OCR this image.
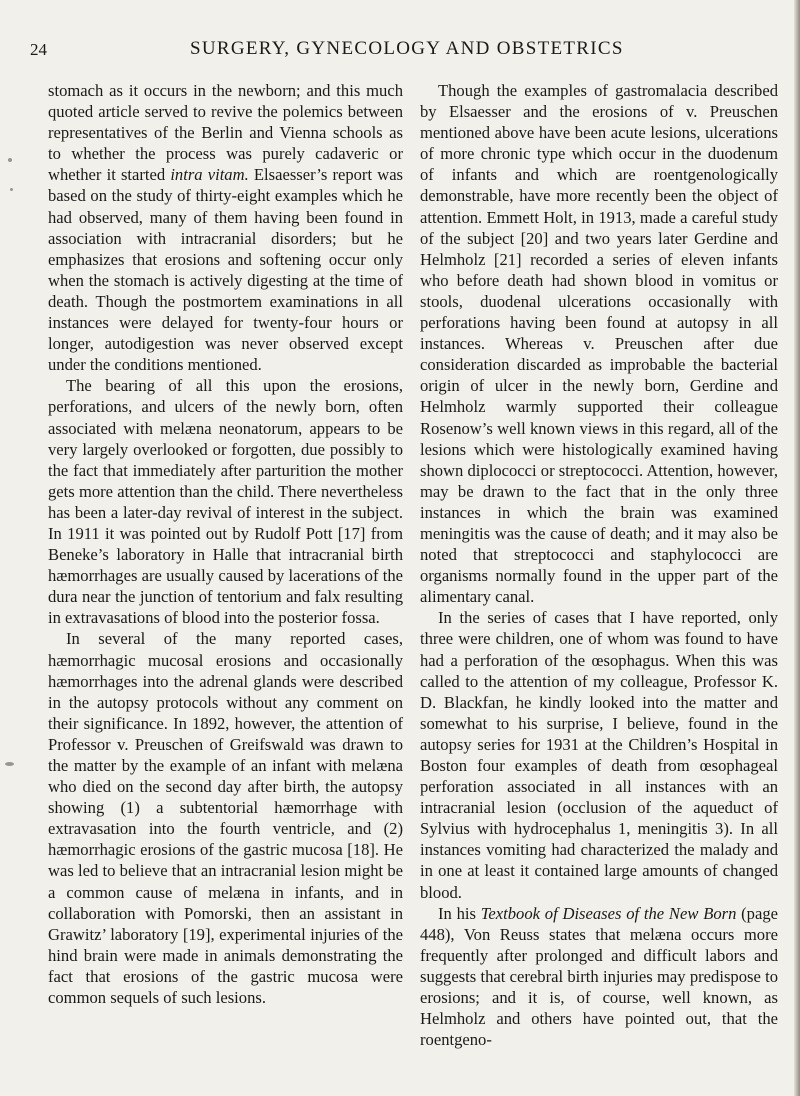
24	SURGERY, GYNECOLOGY AND OBSTETRICS

stomach as it occurs in the newborn; and this much quoted article served to revive the polemics between representatives of the Berlin and Vienna schools as to whether the process was purely cadaveric or whether it started intra vitam. Elsaesser’s report was based on the study of thirty-eight examples which he had observed, many of them having been found in association with intracranial disorders; but he emphasizes that erosions and softening occur only when the stomach is actively digesting at the time of death. Though the postmortem examinations in all instances were delayed for twenty-four hours or longer, autodigestion was never observed except under the conditions mentioned.

The bearing of all this upon the erosions, perforations, and ulcers of the newly born, often associated with melæna neonatorum, appears to be very largely overlooked or forgotten, due possibly to the fact that immediately after parturition the mother gets more attention than the child. There nevertheless has been a later-day revival of interest in the subject. In 1911 it was pointed out by Rudolf Pott [17] from Beneke’s laboratory in Halle that intracranial birth hæmorrhages are usually caused by lacerations of the dura near the junction of tentorium and falx resulting in extravasations of blood into the posterior fossa.

In several of the many reported cases, hæmorrhagic mucosal erosions and occasionally hæmorrhages into the adrenal glands were described in the autopsy protocols without any comment on their significance. In 1892, however, the attention of Professor v. Preuschen of Greifswald was drawn to the matter by the example of an infant with melæna who died on the second day after birth, the autopsy showing (1) a subtentorial hæmorrhage with extravasation into the fourth ventricle, and (2) hæmorrhagic erosions of the gastric mucosa [18]. He was led to believe that an intracranial lesion might be a common cause of melæna in infants, and in collaboration with Pomorski, then an assistant in Grawitz’ laboratory [19], experimental injuries of the hind brain were made in animals demonstrating the fact that erosions of the gastric mucosa were common sequels of such lesions.

Though the examples of gastromalacia described by Elsaesser and the erosions of v. Preuschen mentioned above have been acute lesions, ulcerations of more chronic type which occur in the duodenum of infants and which are roentgenologically demonstrable, have more recently been the object of attention. Emmett Holt, in 1913, made a careful study of the subject [20] and two years later Gerdine and Helmholz [21] recorded a series of eleven infants who before death had shown blood in vomitus or stools, duodenal ulcerations occasionally with perforations having been found at autopsy in all instances. Whereas v. Preuschen after due consideration discarded as improbable the bacterial origin of ulcer in the newly born, Gerdine and Helmholz warmly supported their colleague Rosenow’s well known views in this regard, all of the lesions which were histologically examined having shown diplococci or streptococci. Attention, however, may be drawn to the fact that in the only three instances in which the brain was examined meningitis was the cause of death; and it may also be noted that streptococci and staphylococci are organisms normally found in the upper part of the alimentary canal.

In the series of cases that I have reported, only three were children, one of whom was found to have had a perforation of the œsophagus. When this was called to the attention of my colleague, Professor K. D. Blackfan, he kindly looked into the matter and somewhat to his surprise, I believe, found in the autopsy series for 1931 at the Children’s Hospital in Boston four examples of death from œsophageal perforation associated in all instances with an intracranial lesion (occlusion of the aqueduct of Sylvius with hydrocephalus 1, meningitis 3). In all instances vomiting had characterized the malady and in one at least it contained large amounts of changed blood.

In his Textbook of Diseases of the New Born (page 448), Von Reuss states that melæna occurs more frequently after prolonged and difficult labors and suggests that cerebral birth injuries may predispose to erosions; and it is, of course, well known, as Helmholz and others have pointed out, that the roentgeno-
